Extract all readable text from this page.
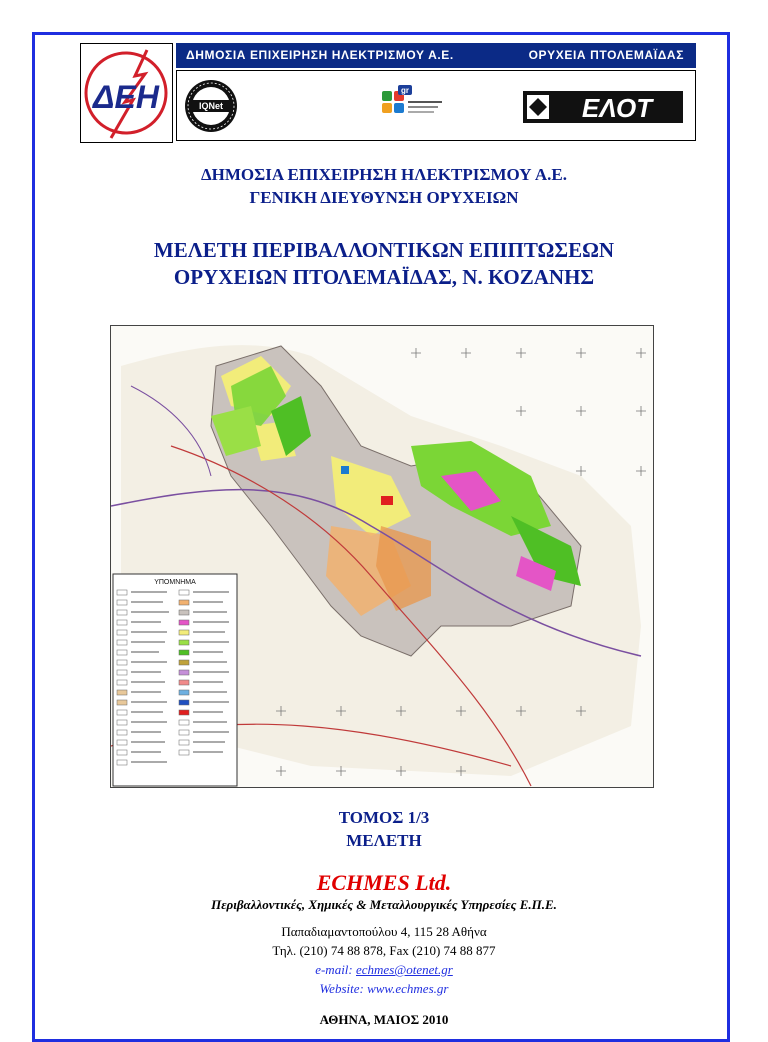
ΔΕΗ
ΔΗΜΟΣΙΑ ΕΠΙΧΕΙΡΗΣΗ ΗΛΕΚΤΡΙΣΜΟΥ Α.Ε.	ΟΡΥΧΕΙΑ ΠΤΟΛΕΜΑΪΔΑΣ
IQNet
gr
ΕΛΟΤ
ΔΗΜΟΣΙΑ ΕΠΙΧΕΙΡΗΣΗ ΗΛΕΚΤΡΙΣΜΟΥ Α.Ε.
ΓΕΝΙΚΗ ΔΙΕΥΘΥΝΣΗ ΟΡΥΧΕΙΩΝ
ΜΕΛΕΤΗ ΠΕΡΙΒΑΛΛΟΝΤΙΚΩΝ ΕΠΙΠΤΩΣΕΩΝ
ΟΡΥΧΕΙΩΝ ΠΤΟΛΕΜΑΪΔΑΣ, Ν. ΚΟΖΑΝΗΣ
ΥΠΟΜΝΗΜΑ
ΤΟΜΟΣ 1/3
ΜΕΛΕΤΗ
ECHMES Ltd.
Περιβαλλοντικές, Χημικές & Μεταλλουργικές Υπηρεσίες Ε.Π.Ε.
Παπαδιαμαντοπούλου 4, 115 28 Αθήνα
Τηλ. (210) 74 88 878, Fax (210) 74 88 877
e-mail: echmes@otenet.gr
Website: www.echmes.gr
ΑΘΗΝΑ, ΜΑΙΟΣ 2010
